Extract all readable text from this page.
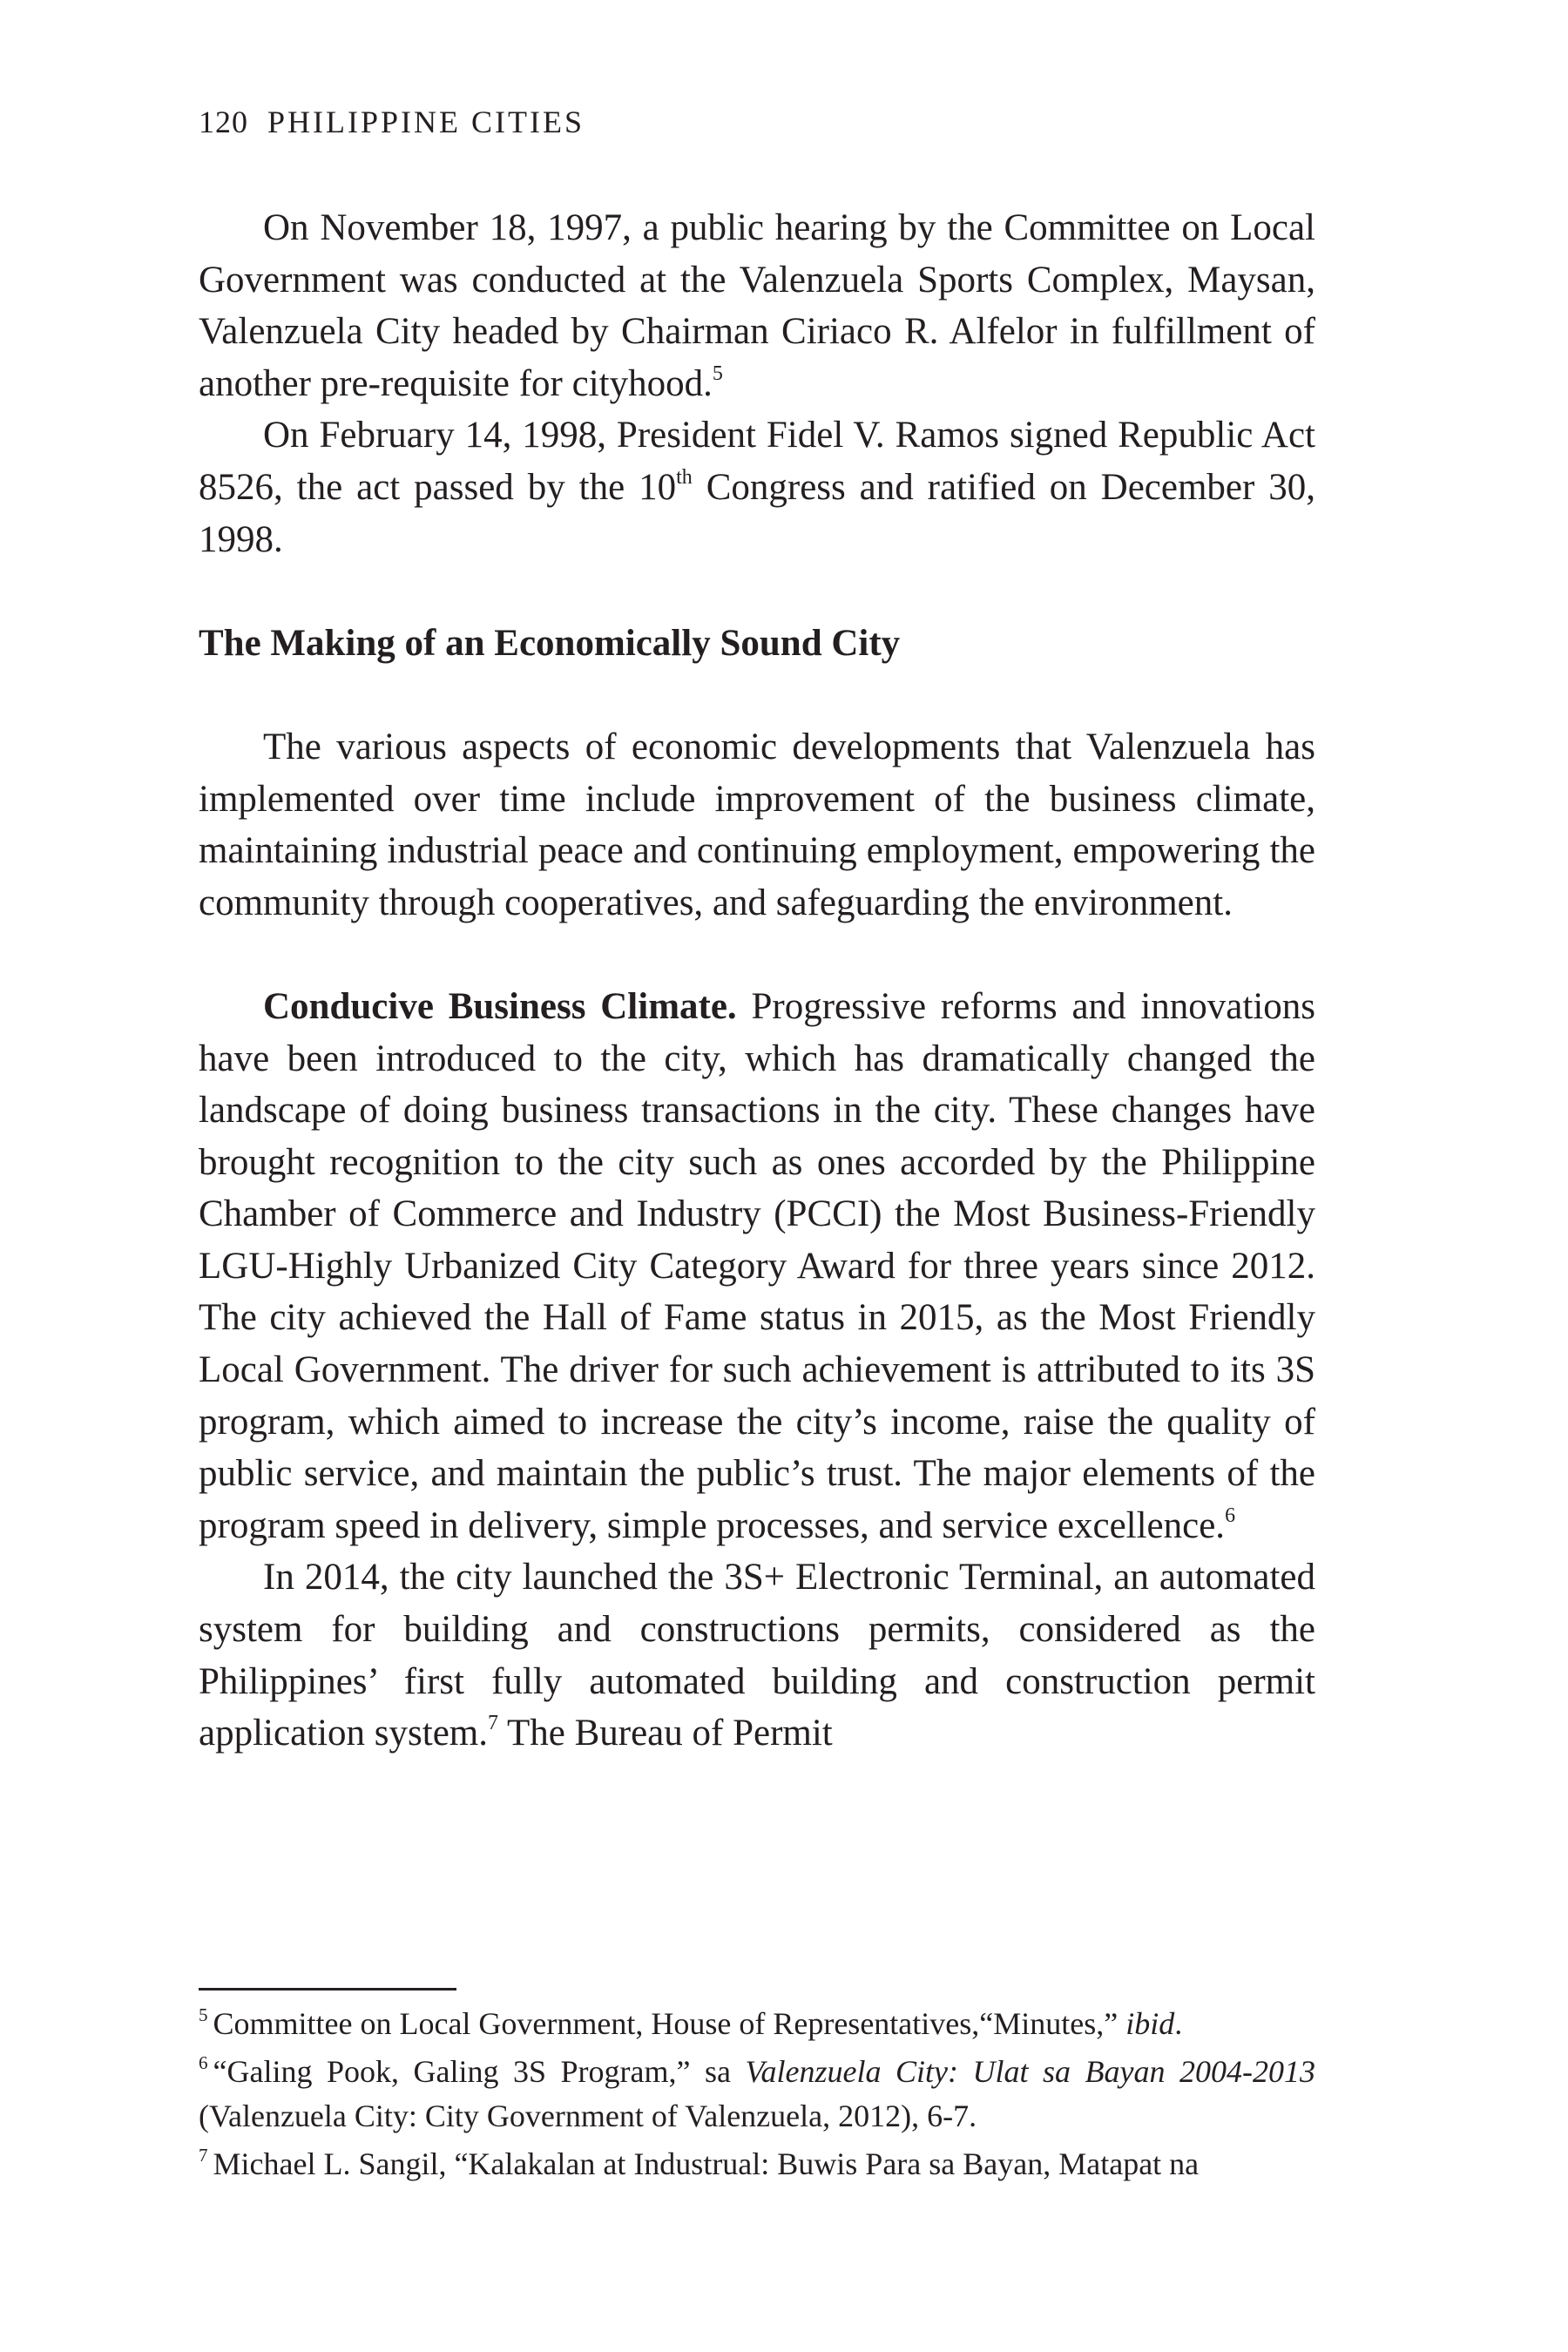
120 PHILIPPINE CITIES

On November 18, 1997, a public hearing by the Committee on Local Government was conducted at the Valenzuela Sports Complex, Maysan, Valenzuela City headed by Chairman Ciriaco R. Alfelor in fulfillment of another pre-requisite for cityhood.$^5$

On February 14, 1998, President Fidel V. Ramos signed Republic Act 8526, the act passed by the 10th Congress and ratified on December 30, 1998.

The Making of an Economically Sound City

The various aspects of economic developments that Valenzuela has implemented over time include improvement of the business climate, maintaining industrial peace and continuing employment, empowering the community through cooperatives, and safeguarding the environment.

Conducive Business Climate. Progressive reforms and innovations have been introduced to the city, which has dramatically changed the landscape of doing business transactions in the city. These changes have brought recognition to the city such as ones accorded by the Philippine Chamber of Commerce and Industry (PCCI) the Most Business-Friendly LGU-Highly Urbanized City Category Award for three years since 2012. The city achieved the Hall of Fame status in 2015, as the Most Friendly Local Government. The driver for such achievement is attributed to its 3S program, which aimed to increase the city’s income, raise the quality of public service, and maintain the public’s trust. The major elements of the program speed in delivery, simple processes, and service excellence.$^6$

In 2014, the city launched the 3S+ Electronic Terminal, an automated system for building and constructions permits, considered as the Philippines’ first fully automated building and construction permit application system.$^7$ The Bureau of Permit

$^5$ Committee on Local Government, House of Representatives,“Minutes,” ibid.
$^6$ “Galing Pook, Galing 3S Program,” sa Valenzuela City: Ulat sa Bayan 2004-2013 (Valenzuela City: City Government of Valenzuela, 2012), 6-7.
$^7$ Michael L. Sangil, “Kalakalan at Industrual: Buwis Para sa Bayan, Matapat na
